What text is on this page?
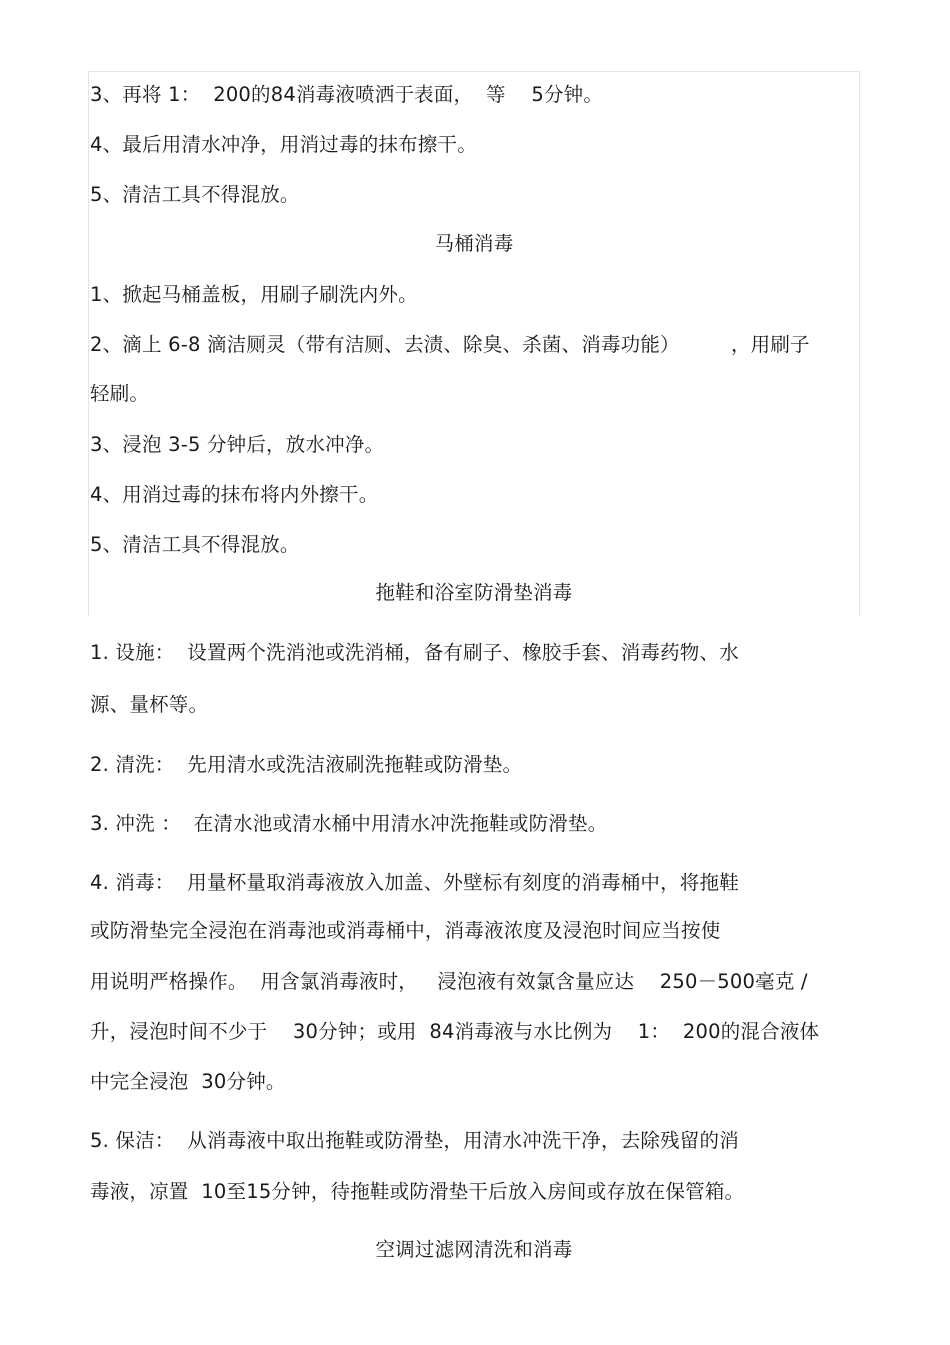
3、再将 1：  200的84消毒液喷洒于表面，  等    5分钟。
4、最后用清水冲净，用消过毒的抹布擦干。
5、清洁工具不得混放。
马桶消毒
1、掀起马桶盖板，用刷子刷洗内外。
2、滴上 6-8 滴洁厕灵（带有洁厕、去渍、除臭、杀菌、消毒功能）        ，用刷子
轻刷。
3、浸泡 3-5 分钟后，放水冲净。
4、用消过毒的抹布将内外擦干。
5、清洁工具不得混放。
拖鞋和浴室防滑垫消毒
1. 设施：  设置两个洗消池或洗消桶，备有刷子、橡胶手套、消毒药物、水
源、量杯等。
2. 清洗：  先用清水或洗洁液刷洗拖鞋或防滑垫。
3. 冲洗 ：  在清水池或清水桶中用清水冲洗拖鞋或防滑垫。
4. 消毒：  用量杯量取消毒液放入加盖、外壁标有刻度的消毒桶中，将拖鞋
或防滑垫完全浸泡在消毒池或消毒桶中，消毒液浓度及浸泡时间应当按使
用说明严格操作。  用含氯消毒液时，   浸泡液有效氯含量应达    250－500毫克 /
升，浸泡时间不少于    30分钟；或用  84消毒液与水比例为    1：  200的混合液体
中完全浸泡  30分钟。
5. 保洁：  从消毒液中取出拖鞋或防滑垫，用清水冲洗干净，去除残留的消
毒液，凉置  10至15分钟，待拖鞋或防滑垫干后放入房间或存放在保管箱。
空调过滤网清洗和消毒
